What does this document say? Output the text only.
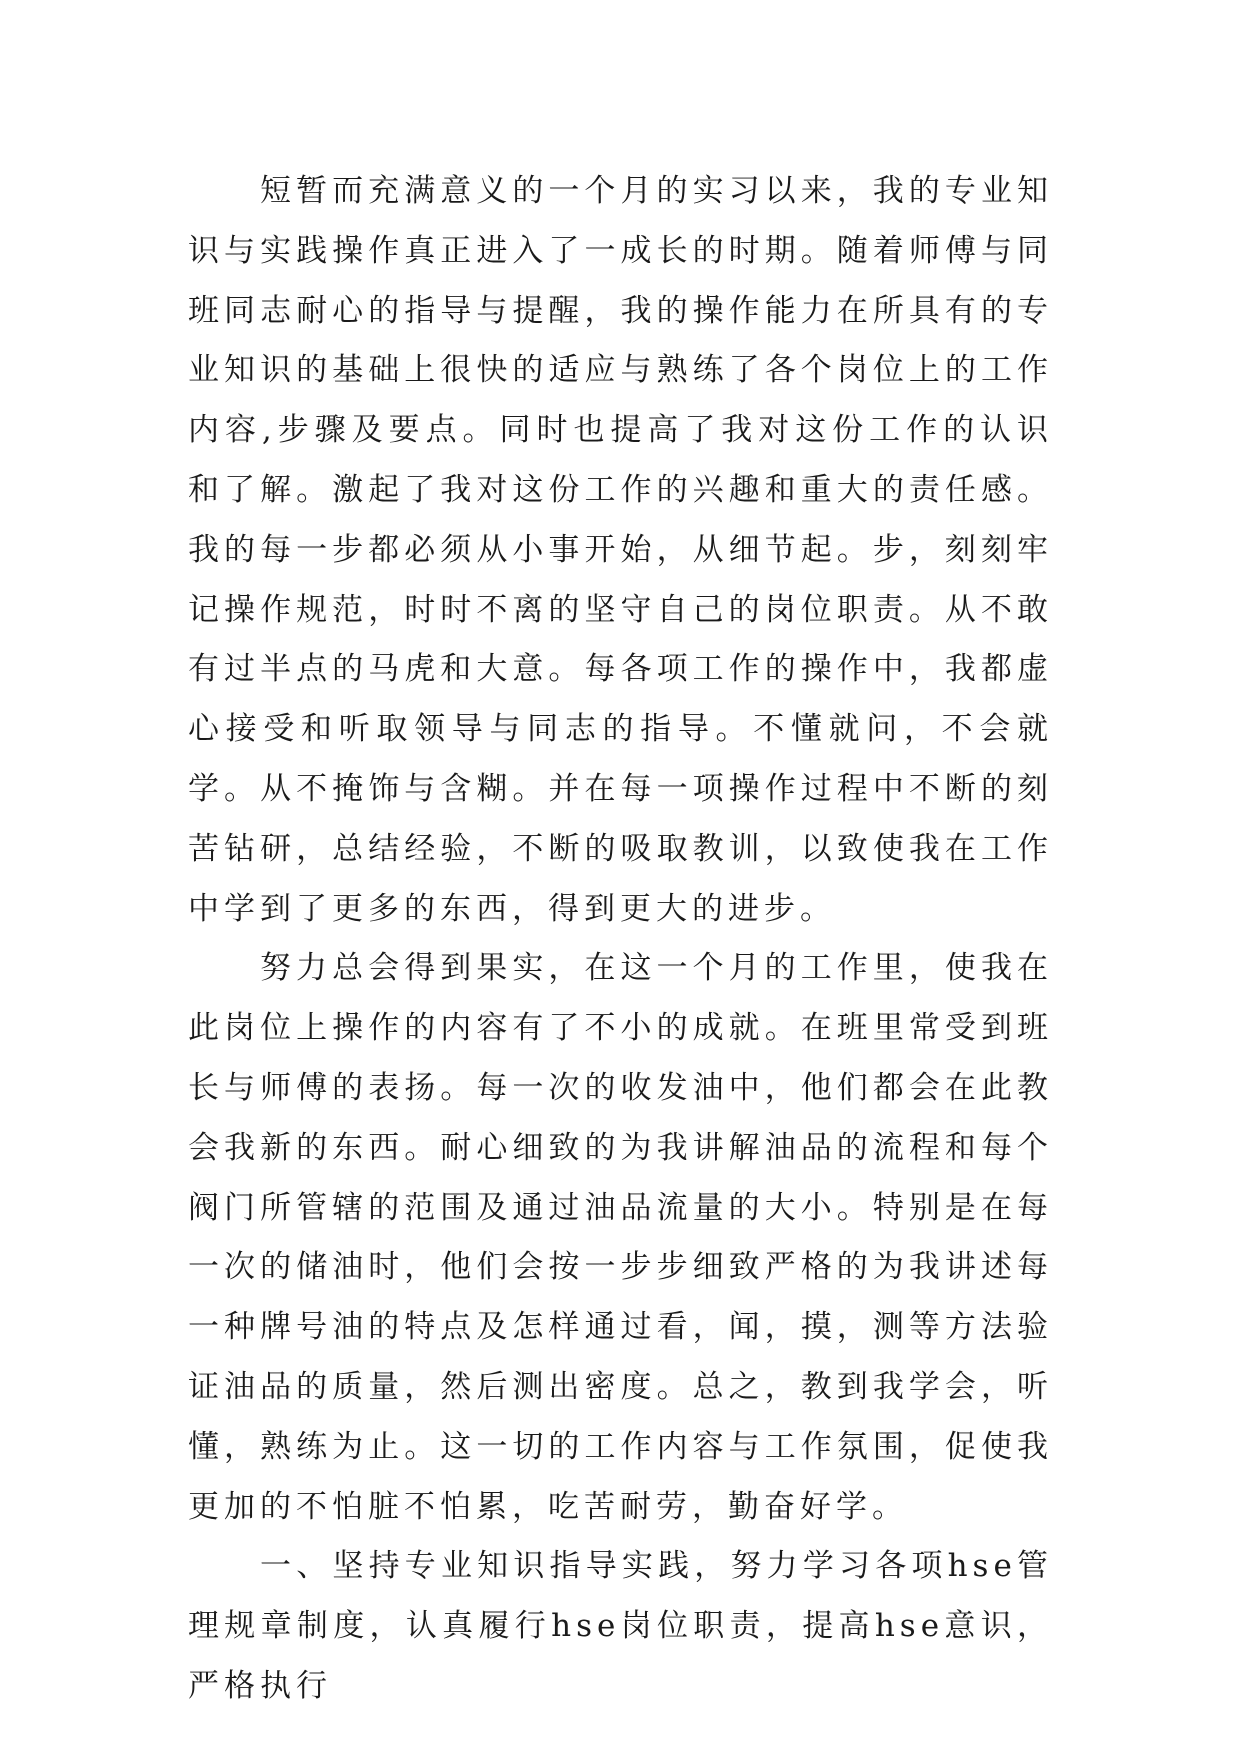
短暂而充满意义的一个月的实习以来，我的专业知识与实践操作真正进入了一成长的时期。随着师傅与同班同志耐心的指导与提醒，我的操作能力在所具有的专业知识的基础上很快的适应与熟练了各个岗位上的工作内容,步骤及要点。同时也提高了我对这份工作的认识和了解。激起了我对这份工作的兴趣和重大的责任感。我的每一步都必须从小事开始，从细节起。步，刻刻牢记操作规范，时时不离的坚守自己的岗位职责。从不敢有过半点的马虎和大意。每各项工作的操作中，我都虚心接受和听取领导与同志的指导。不懂就问，不会就学。从不掩饰与含糊。并在每一项操作过程中不断的刻苦钻研，总结经验，不断的吸取教训，以致使我在工作中学到了更多的东西，得到更大的进步。

努力总会得到果实，在这一个月的工作里，使我在此岗位上操作的内容有了不小的成就。在班里常受到班长与师傅的表扬。每一次的收发油中，他们都会在此教会我新的东西。耐心细致的为我讲解油品的流程和每个阀门所管辖的范围及通过油品流量的大小。特别是在每一次的储油时，他们会按一步步细致严格的为我讲述每一种牌号油的特点及怎样通过看，闻，摸，测等方法验证油品的质量，然后测出密度。总之，教到我学会，听懂，熟练为止。这一切的工作内容与工作氛围，促使我更加的不怕脏不怕累，吃苦耐劳，勤奋好学。

一、坚持专业知识指导实践，努力学习各项hse管理规章制度，认真履行hse岗位职责，提高hse意识，严格执行
